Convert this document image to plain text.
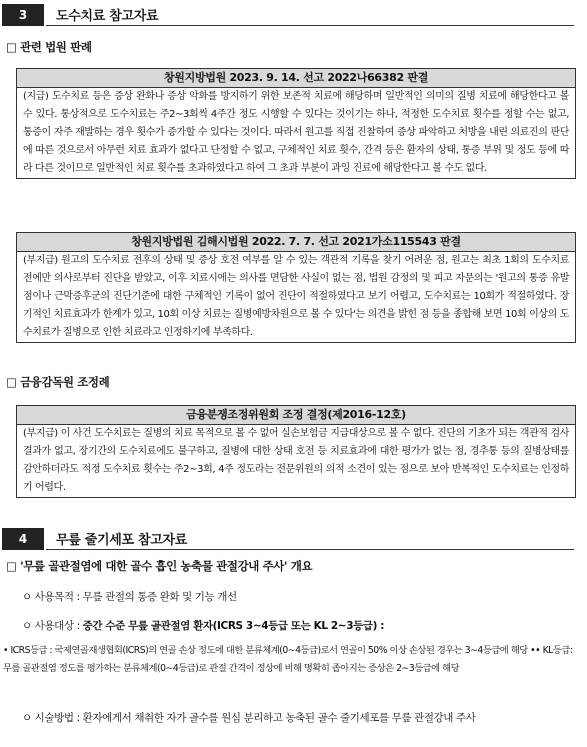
3	도수치료 참고자료
□ 관련 법원 판례
창원지방법원 2023. 9. 14. 선고 2022나66382 판결
(지급) 도수치료 등은 증상 완화나 증상 악화를 방지하기 위한 보존적 치료에 해당하며 일반적인 의미의 질병 치료에 해당한다고 볼 수 있다. 통상적으로 도수치료는 주2∼3회씩 4주간 정도 시행할 수 있다는 것이기는 하나, 적정한 도수치료 횟수를 정할 수는 없고, 통증이 자주 재발하는 경우 횟수가 증가할 수 있다는 것이다. 따라서 원고를 직접 진찰하여 증상 파악하고 처방을 내린 의료진의 판단에 따른 것으로서 아무런 치료 효과가 없다고 단정할 수 없고, 구체적인 치료 횟수, 간격 등은 환자의 상태, 통증 부위 및 정도 등에 따라 다른 것이므로 일반적인 치료 횟수를 초과하였다고 하여 그 초과 부분이 과잉 진료에 해당한다고 볼 수도 없다.
창원지방법원 김해시법원 2022. 7. 7. 선고 2021가소115543 판결
(부지급) 원고의 도수치료 전후의 상태 및 증상 호전 여부를 알 수 있는 객관적 기록을 찾기 어려운 점, 원고는 최초 1회의 도수치료 전에만 의사로부터 진단을 받았고, 이후 치료시에는 의사를 면담한 사실이 없는 점, 법원 감정의 및 피고 자문의는 '원고의 통증 유발점이나 근막증후군의 진단기준에 대한 구체적인 기록이 없어 진단이 적절하였다고 보기 어렵고, 도수치료는 10회가 적절하였다. 장기적인 치료효과가 한계가 있고, 10회 이상 치료는 질병예방차원으로 볼 수 있다'는 의견을 밝힌 점 등을 종합해 보면 10회 이상의 도수치료가 질병으로 인한 치료라고 인정하기에 부족하다.
□ 금융감독원 조정례
금융분쟁조정위원회 조정 결정(제2016-12호)
(부지급) 이 사건 도수치료는 질병의 치료 목적으로 볼 수 없어 실손보험금 지급대상으로 볼 수 없다. 진단의 기초가 되는 객관적 검사 결과가 없고, 장기간의 도수치료에도 불구하고, 질병에 대한 상태 호전 등 치료효과에 대한 평가가 없는 점, 경추통 등의 질병상태를 감안하더라도 적정 도수치료 횟수는 주2∼3회, 4주 정도라는 전문위원의 의적 소견이 있는 점으로 보아 반복적인 도수치료는 인정하기 어렵다.
4	무릎 줄기세포 참고자료
□ '무릎 골관절염에 대한 골수 흡인 농축물 관절강내 주사' 개요
ㅇ 사용목적 : 무릎 관절의 통증 완화 및 기능 개선
ㅇ 사용대상 : 중간 수준 무릎 골관절염 환자(ICRS 3~4등급 또는 KL 2~3등급) :
• ICRS등급 : 국제연골재생협회(ICRS)의 연골 손상 정도에 대한 분류체계(0∼4등급)로서 연골이 50% 이상 손상된 경우는 3∼4등급에 해당 •• KL등급: 무릎 골관절염 정도를 평가하는 분류체계(0∼4등급)로 관절 간격이 정상에 비해 명확히 좁아지는 증상은 2∼3등급에 해당
ㅇ 시술방법 : 환자에게서 채취한 자가 골수를 원심 분리하고 농축된 골수 줄기세포를 무릎 관절강내 주사
